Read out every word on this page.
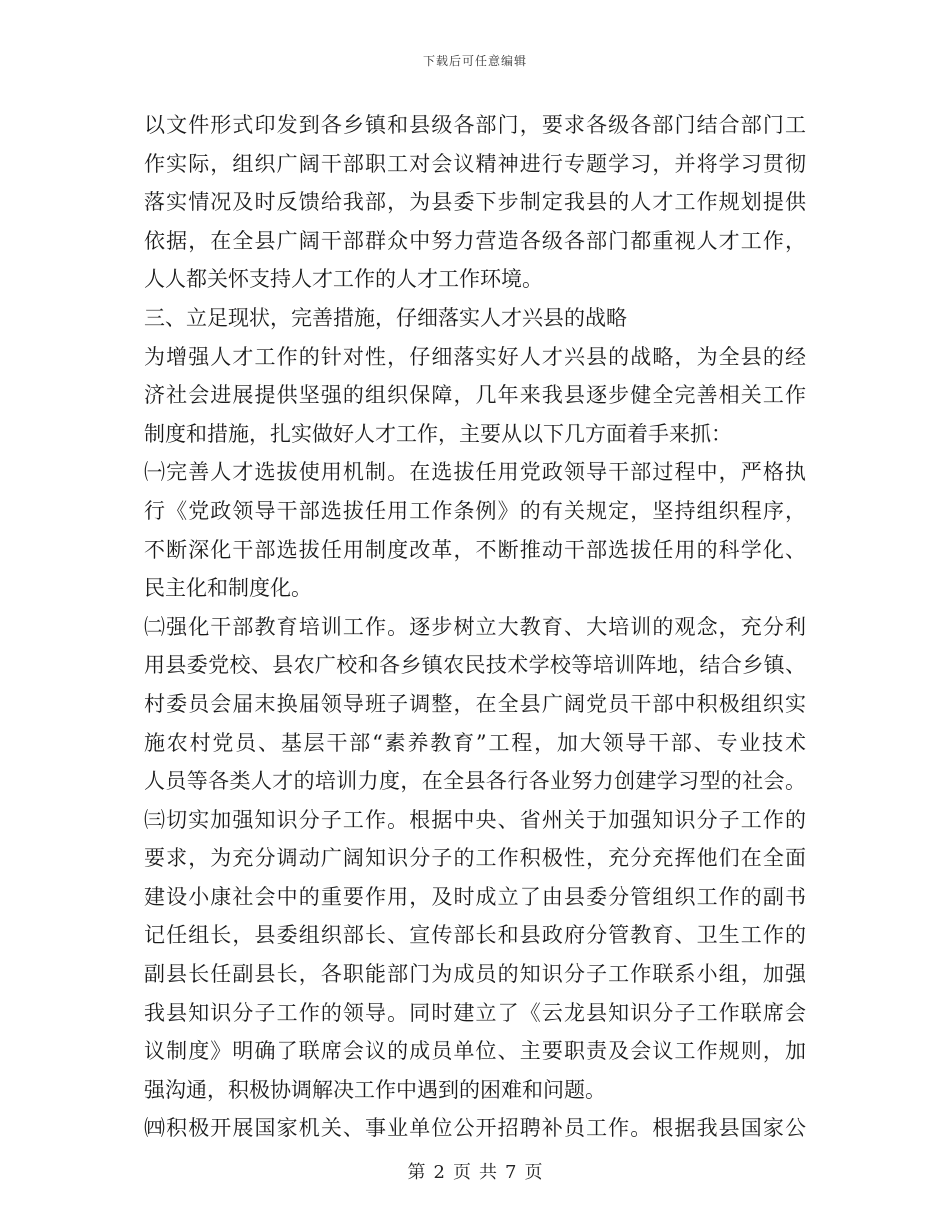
下载后可任意编辑
以文件形式印发到各乡镇和县级各部门，要求各级各部门结合部门工
作实际，组织广阔干部职工对会议精神进行专题学习，并将学习贯彻
落实情况及时反馈给我部，为县委下步制定我县的人才工作规划提供
依据，在全县广阔干部群众中努力营造各级各部门都重视人才工作，
人人都关怀支持人才工作的人才工作环境。
三、立足现状，完善措施，仔细落实人才兴县的战略
为增强人才工作的针对性，仔细落实好人才兴县的战略，为全县的经
济社会进展提供坚强的组织保障，几年来我县逐步健全完善相关工作
制度和措施，扎实做好人才工作，主要从以下几方面着手来抓：
㈠完善人才选拔使用机制。在选拔任用党政领导干部过程中，严格执
行《党政领导干部选拔任用工作条例》的有关规定，坚持组织程序，
不断深化干部选拔任用制度改革，不断推动干部选拔任用的科学化、
民主化和制度化。
㈡强化干部教育培训工作。逐步树立大教育、大培训的观念，充分利
用县委党校、县农广校和各乡镇农民技术学校等培训阵地，结合乡镇、
村委员会届末换届领导班子调整，在全县广阔党员干部中积极组织实
施农村党员、基层干部“素养教育”工程，加大领导干部、专业技术
人员等各类人才的培训力度，在全县各行各业努力创建学习型的社会。
㈢切实加强知识分子工作。根据中央、省州关于加强知识分子工作的
要求，为充分调动广阔知识分子的工作积极性，充分充挥他们在全面
建设小康社会中的重要作用，及时成立了由县委分管组织工作的副书
记任组长，县委组织部长、宣传部长和县政府分管教育、卫生工作的
副县长任副县长，各职能部门为成员的知识分子工作联系小组，加强
我县知识分子工作的领导。同时建立了《云龙县知识分子工作联席会
议制度》明确了联席会议的成员单位、主要职责及会议工作规则，加
强沟通，积极协调解决工作中遇到的困难和问题。
㈣积极开展国家机关、事业单位公开招聘补员工作。根据我县国家公
第 2 页 共 7 页
